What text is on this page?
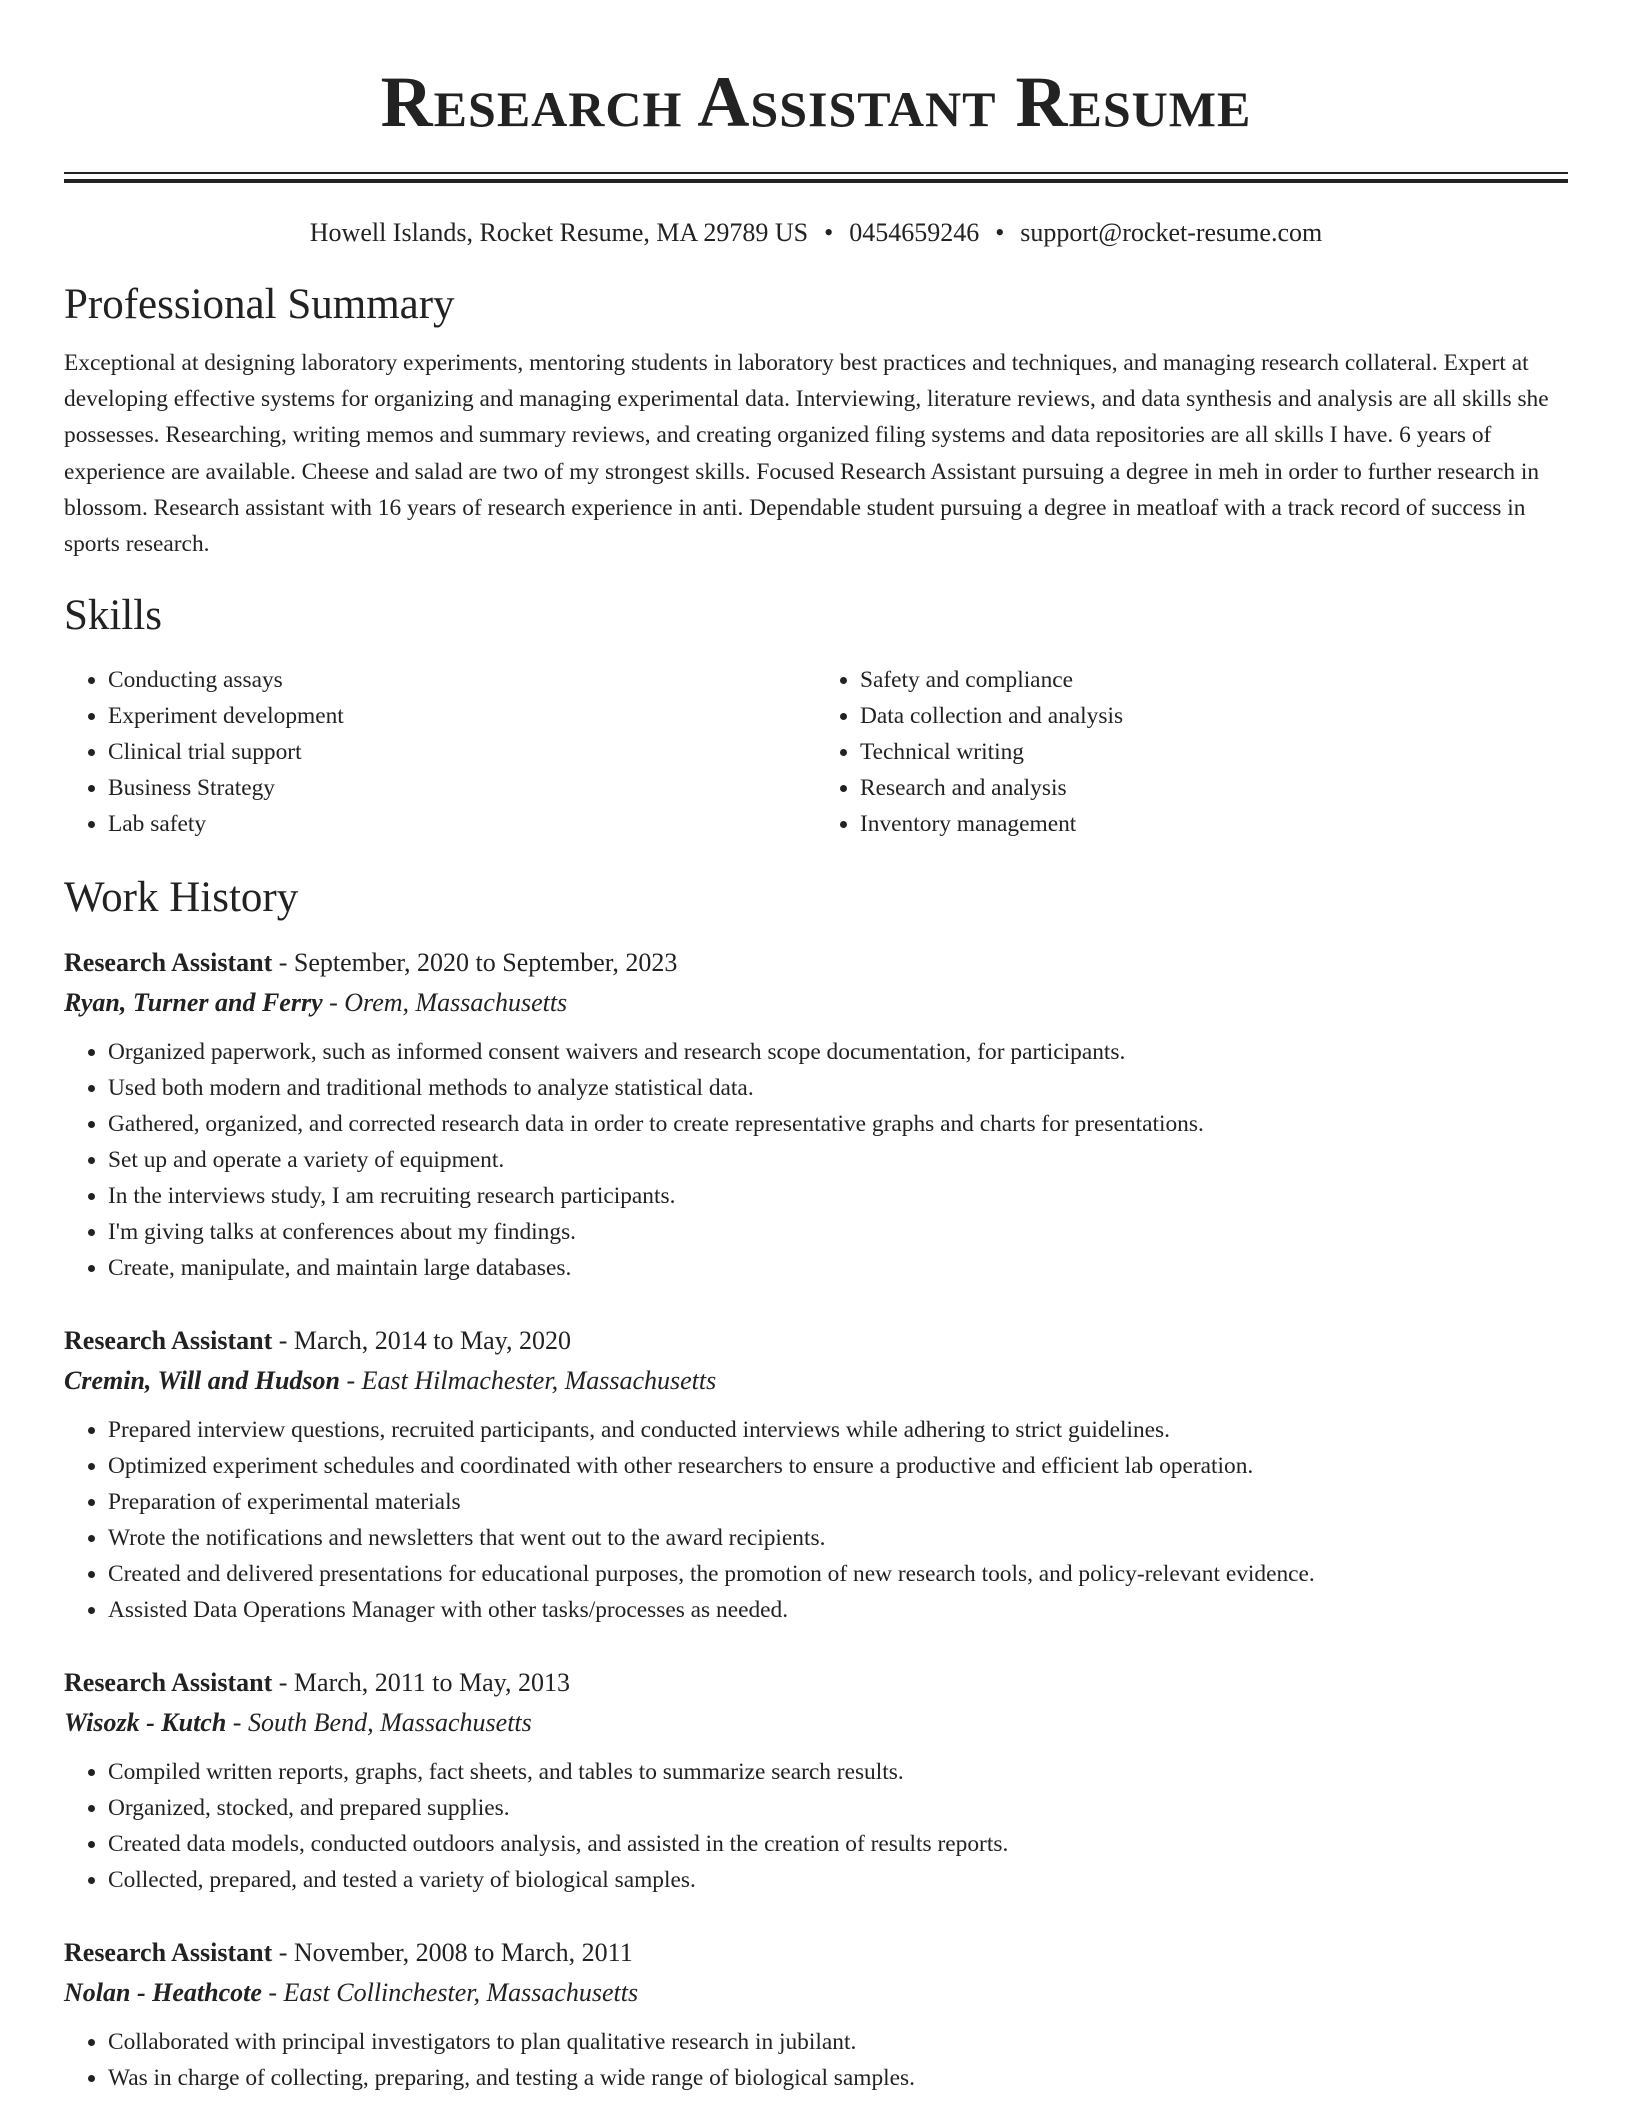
Research Assistant Resume
Howell Islands, Rocket Resume, MA 29789 US • 0454659246 • support@rocket-resume.com
Professional Summary

Exceptional at designing laboratory experiments, mentoring students in laboratory best practices and techniques, and managing research collateral. Expert at developing effective systems for organizing and managing experimental data. Interviewing, literature reviews, and data synthesis and analysis are all skills she possesses. Researching, writing memos and summary reviews, and creating organized filing systems and data repositories are all skills I have. 6 years of experience are available. Cheese and salad are two of my strongest skills. Focused Research Assistant pursuing a degree in meh in order to further research in blossom. Research assistant with 16 years of research experience in anti. Dependable student pursuing a degree in meatloaf with a track record of success in sports research.

Skills
• Conducting assays
• Experiment development
• Clinical trial support
• Business Strategy
• Lab safety
• Safety and compliance
• Data collection and analysis
• Technical writing
• Research and analysis
• Inventory management
Work History
Research Assistant - September, 2020 to September, 2023
Ryan, Turner and Ferry - Orem, Massachusetts
• Organized paperwork, such as informed consent waivers and research scope documentation, for participants.
• Used both modern and traditional methods to analyze statistical data.
• Gathered, organized, and corrected research data in order to create representative graphs and charts for presentations.
• Set up and operate a variety of equipment.
• In the interviews study, I am recruiting research participants.
• I'm giving talks at conferences about my findings.
• Create, manipulate, and maintain large databases.
Research Assistant - March, 2014 to May, 2020
Cremin, Will and Hudson - East Hilmachester, Massachusetts
• Prepared interview questions, recruited participants, and conducted interviews while adhering to strict guidelines.
• Optimized experiment schedules and coordinated with other researchers to ensure a productive and efficient lab operation.
• Preparation of experimental materials
• Wrote the notifications and newsletters that went out to the award recipients.
• Created and delivered presentations for educational purposes, the promotion of new research tools, and policy-relevant evidence.
• Assisted Data Operations Manager with other tasks/processes as needed.
Research Assistant - March, 2011 to May, 2013
Wisozk - Kutch - South Bend, Massachusetts
• Compiled written reports, graphs, fact sheets, and tables to summarize search results.
• Organized, stocked, and prepared supplies.
• Created data models, conducted outdoors analysis, and assisted in the creation of results reports.
• Collected, prepared, and tested a variety of biological samples.
Research Assistant - November, 2008 to March, 2011
Nolan - Heathcote - East Collinchester, Massachusetts
• Collaborated with principal investigators to plan qualitative research in jubilant.
• Was in charge of collecting, preparing, and testing a wide range of biological samples.
